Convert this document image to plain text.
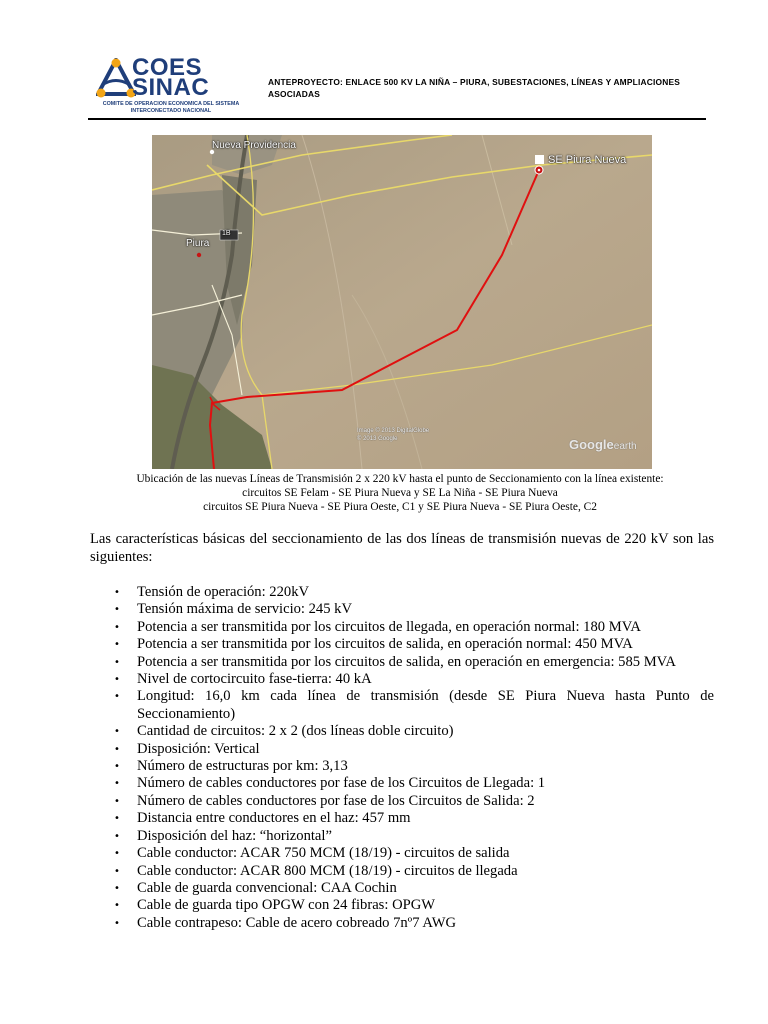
COES
SINAC
COMITE DE OPERACION ECONOMICA DEL SISTEMA
INTERCONECTADO NACIONAL
ANTEPROYECTO: ENLACE 500 KV LA NIÑA – PIURA, SUBESTACIONES, LÍNEAS Y AMPLIACIONES ASOCIADAS
Nueva Providencia
Piura
SE Piura Nueva
1B
Image © 2013 DigitalGlobe
© 2013 Google	Googleearth
Ubicación de las nuevas Líneas de Transmisión 2 x 220 kV hasta el punto de Seccionamiento con la línea existente:
circuitos SE Felam - SE Piura Nueva y SE La Niña - SE Piura Nueva
circuitos SE Piura Nueva - SE Piura Oeste, C1 y SE Piura Nueva - SE Piura Oeste, C2
Las características básicas del seccionamiento de las dos líneas de transmisión nuevas de 220 kV son las siguientes:
• Tensión de operación: 220kV
• Tensión máxima de servicio: 245 kV
• Potencia a ser transmitida por los circuitos de llegada, en operación normal: 180 MVA
• Potencia a ser transmitida por los circuitos de salida, en operación normal: 450 MVA
• Potencia a ser transmitida por los circuitos de salida, en operación en emergencia: 585 MVA
• Nivel de cortocircuito fase-tierra: 40 kA
• Longitud: 16,0 km cada línea de transmisión (desde SE Piura Nueva hasta Punto de Seccionamiento)
• Cantidad de circuitos: 2 x 2 (dos líneas doble circuito)
• Disposición: Vertical
• Número de estructuras por km: 3,13
• Número de cables conductores por fase de los Circuitos de Llegada: 1
• Número de cables conductores por fase de los Circuitos de Salida: 2
• Distancia entre conductores en el haz: 457 mm
• Disposición del haz: “horizontal”
• Cable conductor: ACAR 750 MCM (18/19) - circuitos de salida
• Cable conductor: ACAR 800 MCM (18/19) - circuitos de llegada
• Cable de guarda convencional: CAA Cochin
• Cable de guarda tipo OPGW con 24 fibras: OPGW
• Cable contrapeso: Cable de acero cobreado 7nº7 AWG
